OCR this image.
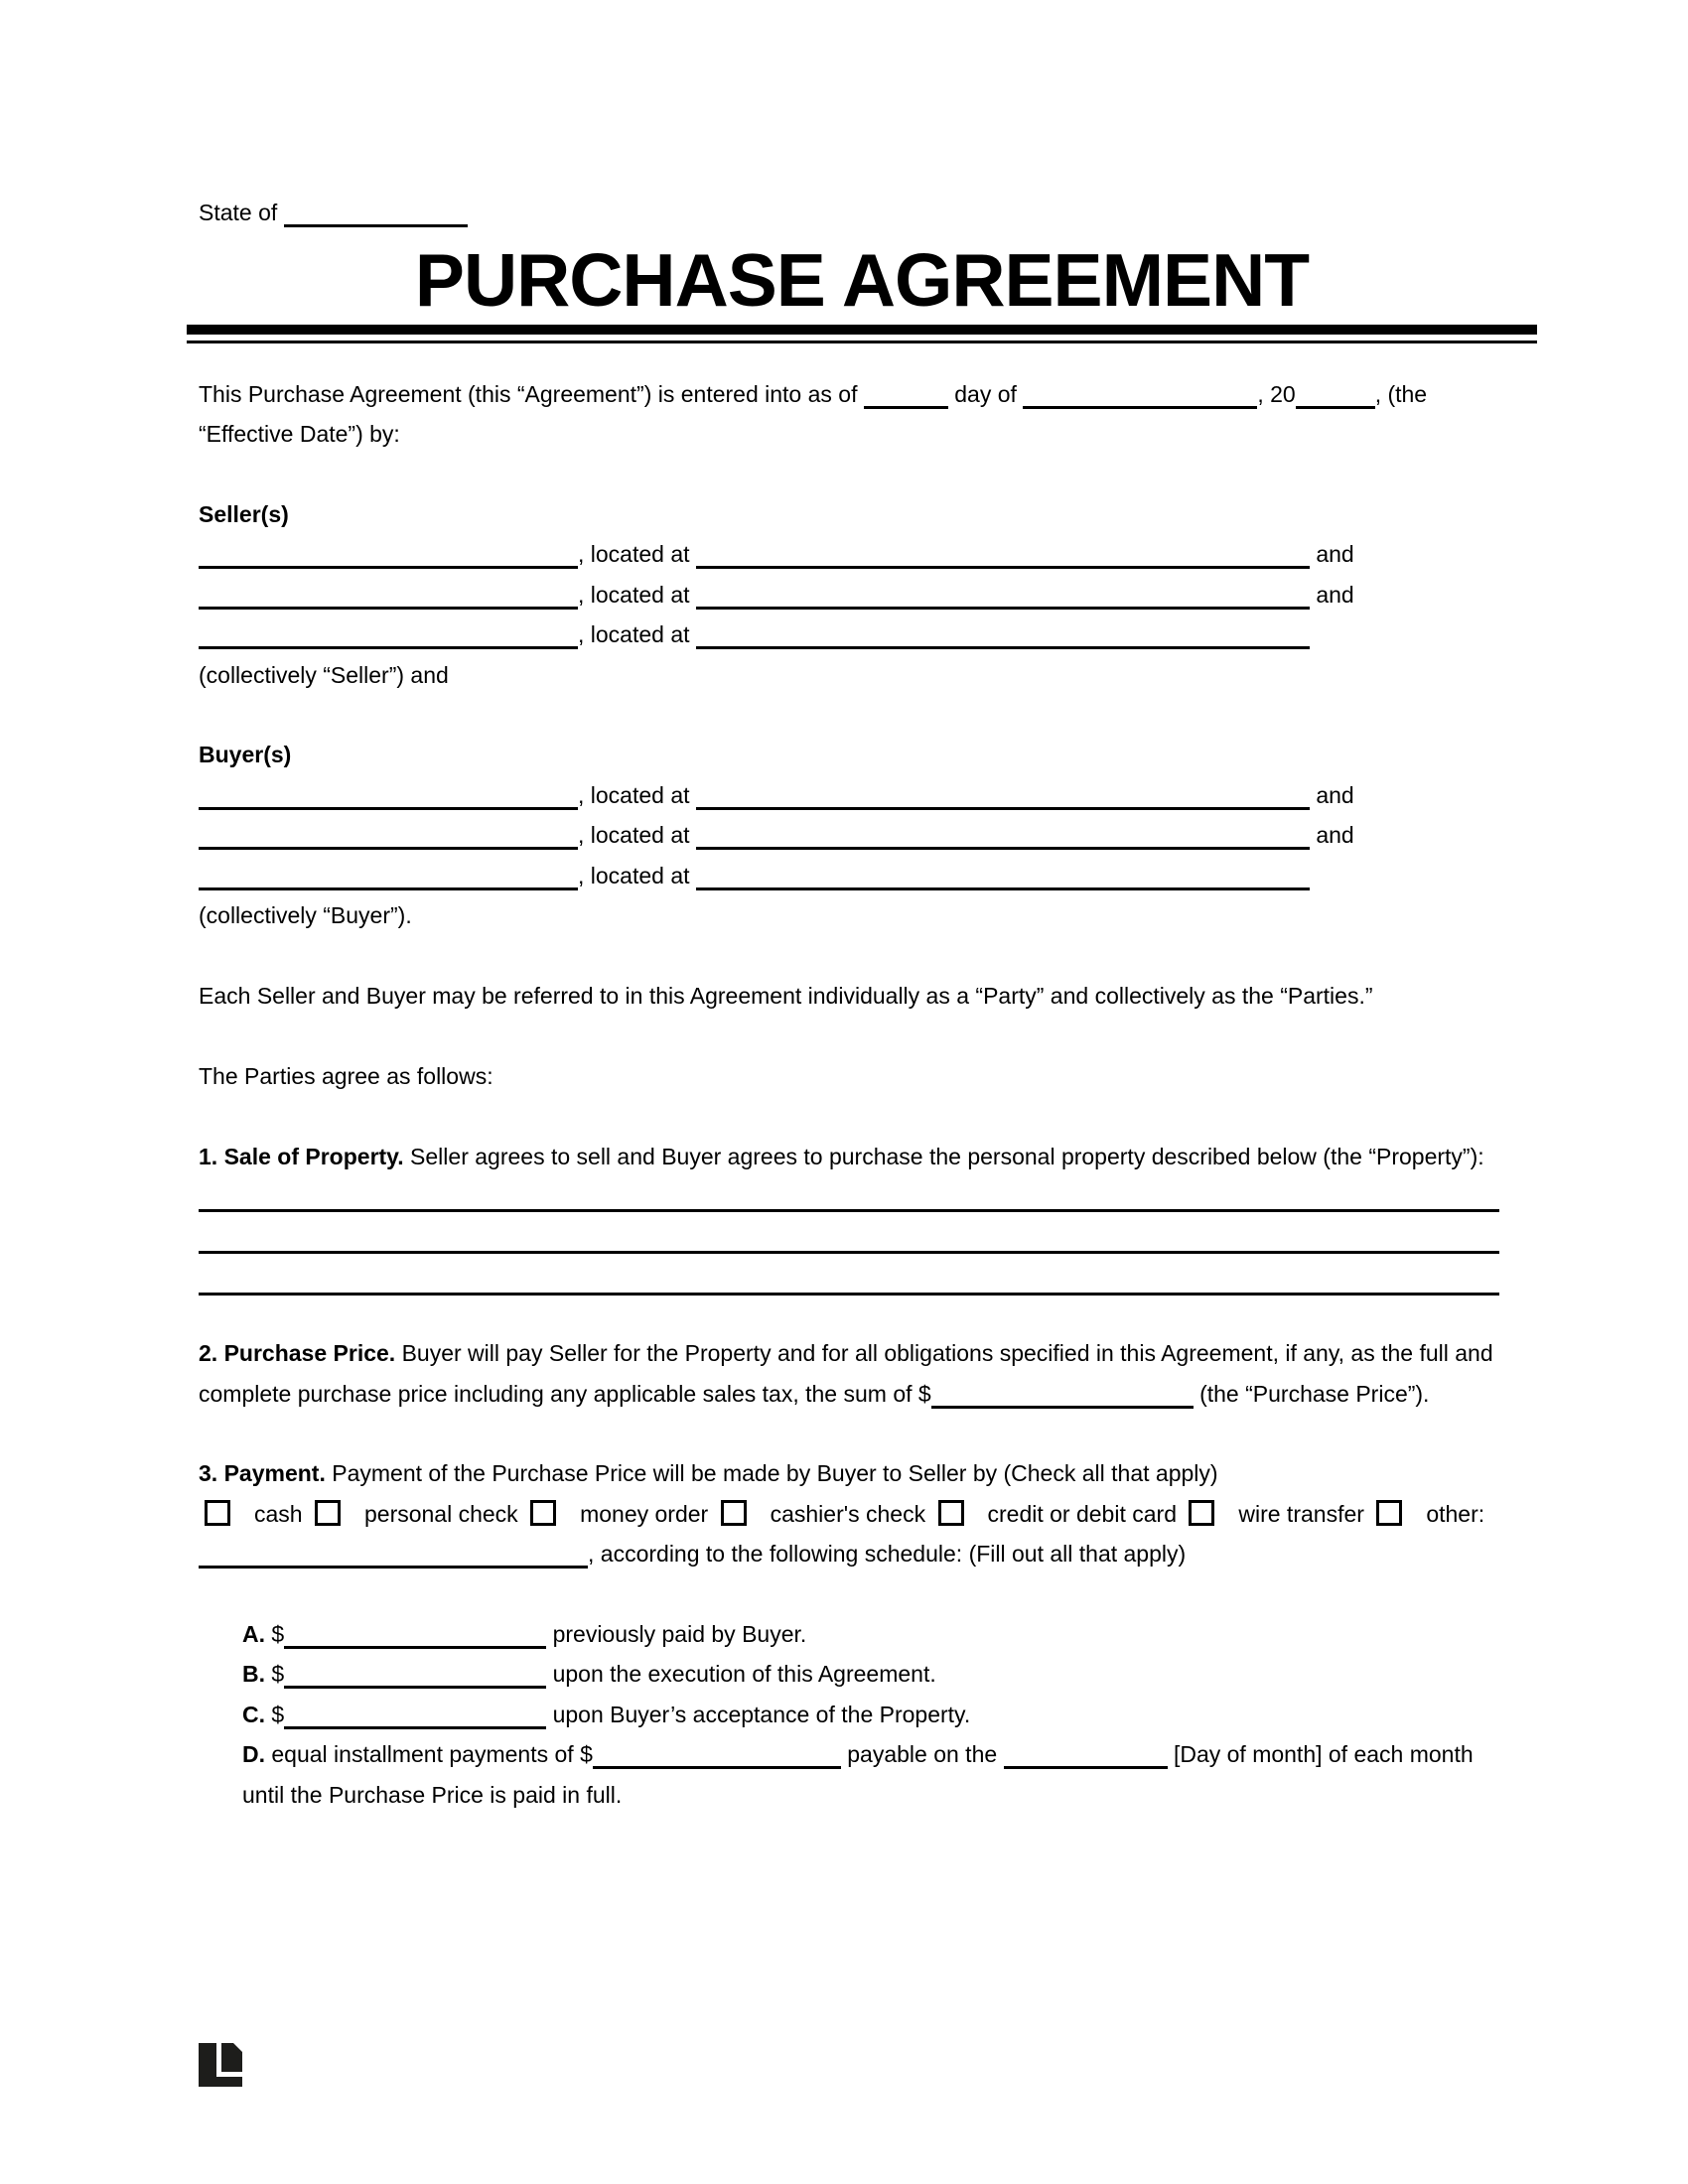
State of
PURCHASE AGREEMENT

This Purchase Agreement (this “Agreement”) is entered into as of	day of	, 20	, (the “Effective Date”) by:

Seller(s)
, located at	and
, located at	and
, located at
(collectively “Seller”) and
Buyer(s)
, located at	and
, located at	and
, located at
(collectively “Buyer”).

Each Seller and Buyer may be referred to in this Agreement individually as a “Party” and collectively as the “Parties.”

The Parties agree as follows:

1. Sale of Property. Seller agrees to sell and Buyer agrees to purchase the personal property described below (the “Property”):

2. Purchase Price. Buyer will pay Seller for the Property and for all obligations specified in this Agreement, if any, as the full and complete purchase price including any applicable sales tax, the sum of $	(the “Purchase Price”).

3. Payment. Payment of the Purchase Price will be made by Buyer to Seller by (Check all that apply)
cash	personal check	money order	cashier's check	credit or debit card	wire transfer	other: , according to the following schedule: (Fill out all that apply)

A. $	previously paid by Buyer.
B. $	upon the execution of this Agreement.
C. $	upon Buyer’s acceptance of the Property.
D. equal installment payments of $	payable on the	[Day of month] of each month until the Purchase Price is paid in full.
